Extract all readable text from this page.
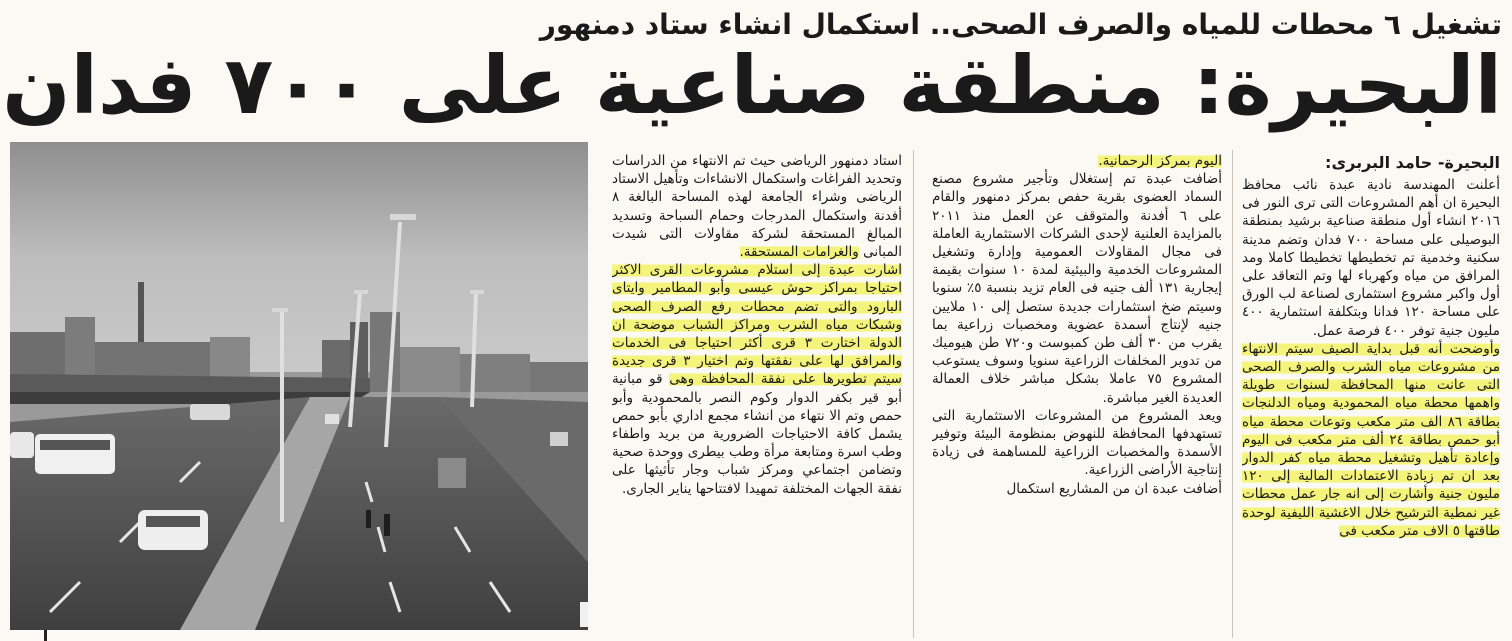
تشغيل ٦ محطات للمياه والصرف الصحى.. استكمال انشاء ستاد دمنهور
البحيرة: منطقة صناعية على ٧٠٠ فدان
البحيرة- حامد البربرى:
أعلنت المهندسة نادية عبدة نائب محافظ البحيرة ان أهم المشروعات التى ترى النور فى ٢٠١٦ انشاء أول منطقة صناعية برشيد بمنطقة البوصيلى على مساحة ٧٠٠ فدان وتضم مدينة سكنية وخدمية تم تخطيطها تخطيطا كاملا ومد المرافق من مياه وكهرباء لها وتم التعاقد على أول واكبر مشروع استثمارى لصناعة لب الورق على مساحة ١٢٠ فدانا وبتكلفة استثمارية ٤٠٠ مليون جنية توفر ٤٠٠ فرصة عمل.
وأوضحت أنه قبل بداية الصيف سيتم الانتهاء من مشروعات مياه الشرب والصرف الصحى التى عانت منها المحافظة لسنوات طويلة واهمها محطة مياه المحمودية ومياه الدلنجات بطاقة ٨٦ الف متر مكعب وتوعات محطة مياه أبو حمص بطاقة ٢٤ ألف متر مكعب فى اليوم وإعادة تأهيل وتشغيل محطة مياه كفر الدوار بعد ان تم زيادة الاعتمادات المالية إلى ١٢٠ مليون جنية وأشارت إلى انه جار عمل محطات غير نمطية الترشيح خلال الاغشية الليفية لوحدة طاقتها ٥ الاف متر مكعب فى
اليوم بمركز الرحمانية.
أضافت عبدة تم إستغلال وتأجير مشروع مصنع السماد العضوى بقرية حفص بمركز دمنهور والقام على ٦ أفدنة والمتوقف عن العمل منذ ٢٠١١ بالمزايدة العلنية لإحدى الشركات الاستثمارية العاملة فى مجال المقاولات العمومية وإدارة وتشغيل المشروعات الخدمية والبيئية لمدة ١٠ سنوات بقيمة إيجارية ١٣١ ألف جنيه فى العام تزيد بنسبة ٥٪ سنويا وسيتم ضخ استثمارات جديدة ستصل إلى ١٠ ملايين جنيه لإنتاج أسمدة عضوية ومخصبات زراعية بما يقرب من ٣٠ ألف طن كمبوست و٧٢٠ طن هيوميك من تدوير المخلفات الزراعية سنويا وسوف يستوعب المشروع ٧٥ عاملا بشكل مباشر خلاف العمالة العديدة الغير مباشرة.
ويعد المشروع من المشروعات الاستثمارية التى تستهدفها المحافظة للنهوض بمنظومة البيئة وتوفير الأسمدة والمخصبات الزراعية للمساهمة فى زيادة إنتاجية الأراضى الزراعية.
أضافت عبدة ان من المشاريع استكمال
استاد دمنهور الرياضى حيث تم الانتهاء من الدراسات وتحديد الفراغات واستكمال الانشاءات وتأهيل الاستاد الرياضى وشراء الجامعة لهذه المساحة البالغة ٨ أفدنة واستكمال المدرجات وحمام السباحة وتسديد المبالغ المستحقة لشركة مقاولات التى شيدت المبانى والغرامات المستحقة.
اشارت عبدة إلى استلام مشروعات القرى الاكثر احتياجا بمراكز حوش عيسى وأبو المطامير وايتاى البارود والتى تضم محطات رفع الصرف الصحى وشبكات مياه الشرب ومراكز الشباب موضحة ان الدولة اختارت ٣ قرى أكثر احتياجا فى الخدمات والمرافق لها على نفقتها وتم اختيار ٣ قرى جديدة سيتم تطويرها على نفقة المحافظة وهى قو مبانية أبو قير بكفر الدوار وكوم النصر بالمحمودية وأبو حمص وتم الا نتهاء من انشاء مجمع اداري بأبو حمص يشمل كافة الاحتياجات الضرورية من بريد واطفاء وطب اسرة ومتابعة مرأة وطب بيطرى ووحدة صحية وتضامن اجتماعي ومركز شباب وجار تأثيثها على نفقة الجهات المختلفة تمهيدا لافتتاحها يناير الجارى.
